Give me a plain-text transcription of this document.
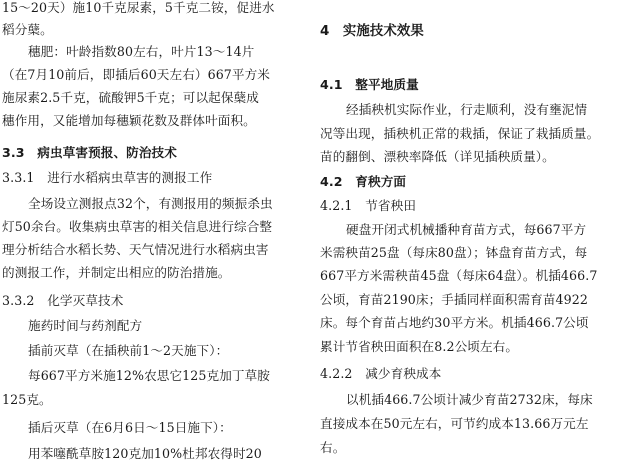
15～20天）施10千克尿素，5千克二铵，促进水
稻分蘖。
穗肥：叶龄指数80左右，叶片13～14片
（在7月10前后，即插后60天左右）667平方米
施尿素2.5千克，硫酸钾5千克；可以起保蘖成
穗作用，又能增加每穗颖花数及群体叶面积。
3.3　病虫草害预报、防治技术
3.3.1　进行水稻病虫草害的测报工作
全场设立测报点32个，有测报用的频振杀虫
灯50余台。收集病虫草害的相关信息进行综合整
理分析结合水稻长势、天气情况进行水稻病虫害
的测报工作，并制定出相应的防治措施。
3.3.2　化学灭草技术
施药时间与药剂配方
插前灭草（在插秧前1～2天施下）：
每667平方米施12%农思它125克加丁草胺
125克。
插后灭草（在6月6日～15日施下）：
用苯噻酰草胺120克加10%杜邦农得时20
4　实施技术效果
4.1　整平地质量
经插秧机实际作业，行走顺利，没有壅泥情
况等出现，插秧机正常的栽插，保证了栽插质量。
苗的翻倒、漂秧率降低（详见插秧质量）。
4.2　育秧方面
4.2.1　节省秧田
硬盘开闭式机械播种育苗方式，每667平方
米需秧苗25盘（每床80盘）；钵盘育苗方式，每
667平方米需秧苗45盘（每床64盘）。机插466.7
公顷，育苗2190床；手插同样面积需育苗4922
床。每个育苗占地约30平方米。机插466.7公顷
累计节省秧田面积在8.2公顷左右。
4.2.2　减少育秧成本
以机插466.7公顷计减少育苗2732床，每床
直接成本在50元左右，可节约成本13.66万元左
右。
